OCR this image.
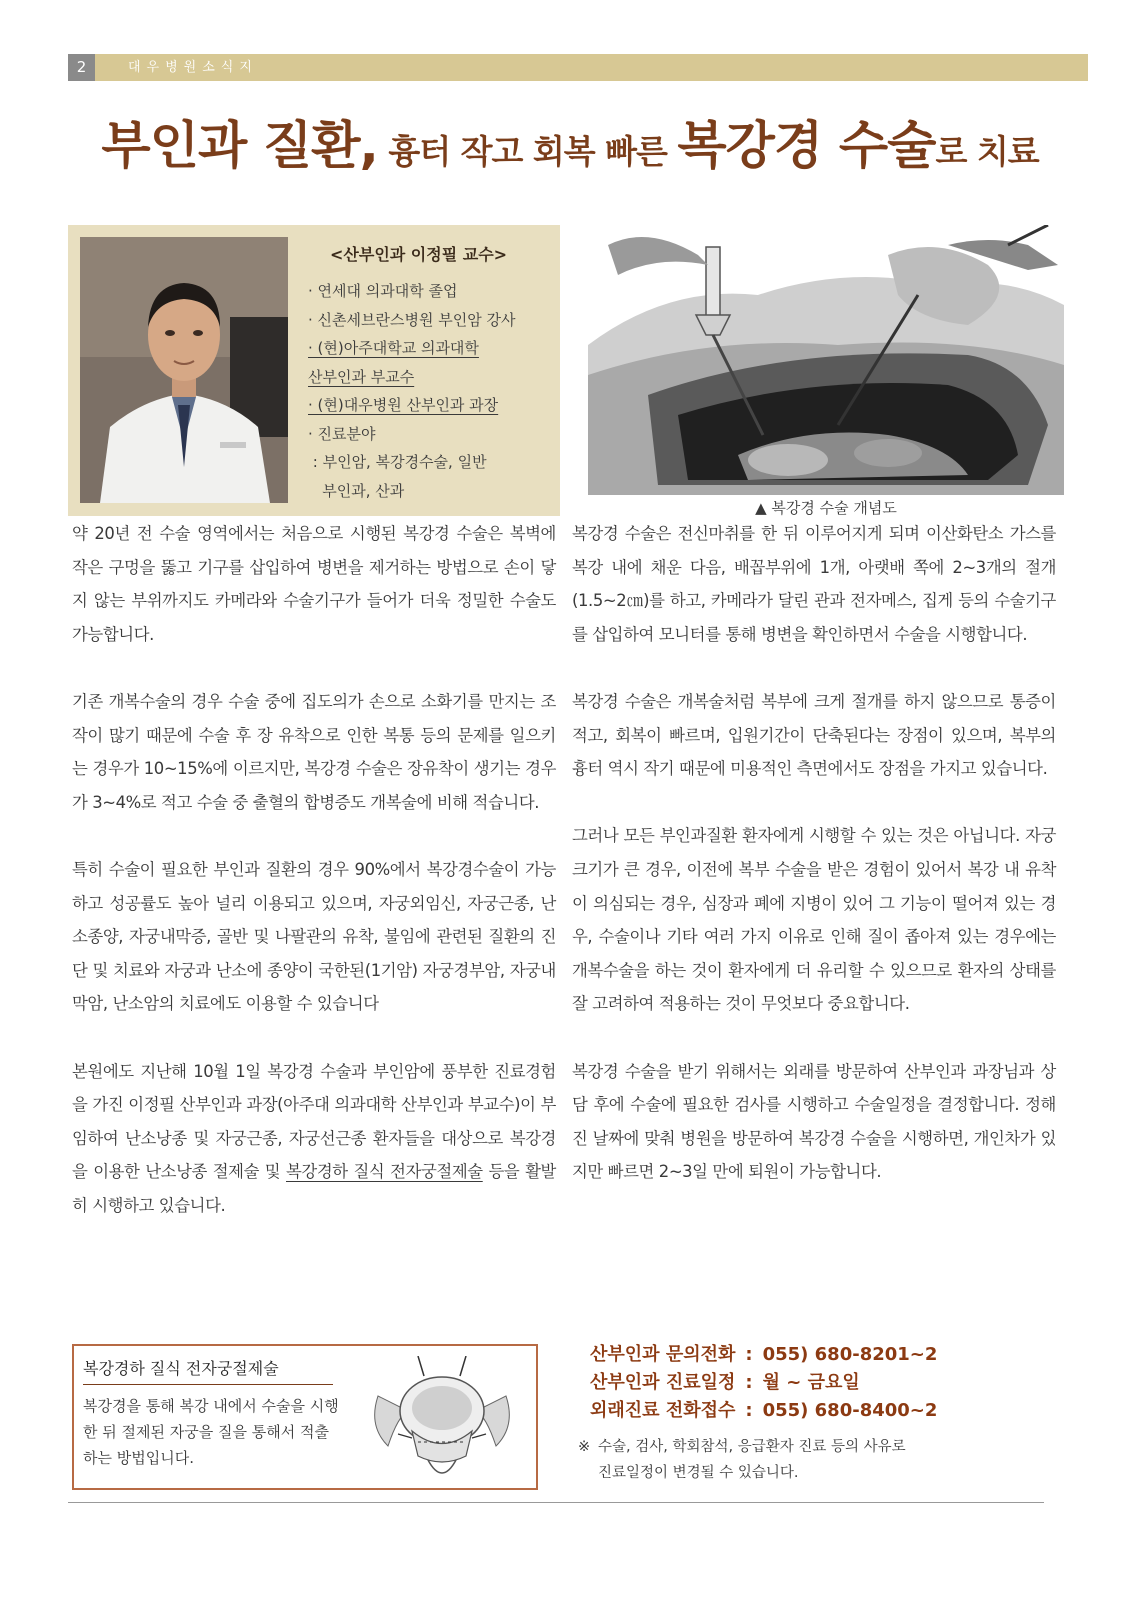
2	대우병원소식지
부인과 질환, 흉터 작고 회복 빠른 복강경 수술로 치료
<산부인과 이정필 교수>
· 연세대 의과대학 졸업
· 신촌세브란스병원 부인암 강사
· (현)아주대학교 의과대학
산부인과 부교수
· (현)대우병원 산부인과 과장
· 진료분야
: 부인암, 복강경수술, 일반
부인과, 산과
▲ 복강경 수술 개념도

약 20년 전 수술 영역에서는 처음으로 시행된 복강경 수술은 복벽에 작은 구멍을 뚫고 기구를 삽입하여 병변을 제거하는 방법으로 손이 닿지 않는 부위까지도 카메라와 수술기구가 들어가 더욱 정밀한 수술도 가능합니다.

기존 개복수술의 경우 수술 중에 집도의가 손으로 소화기를 만지는 조작이 많기 때문에 수술 후 장 유착으로 인한 복통 등의 문제를 일으키는 경우가 10~15%에 이르지만, 복강경 수술은 장유착이 생기는 경우가 3~4%로 적고 수술 중 출혈의 합병증도 개복술에 비해 적습니다.

특히 수술이 필요한 부인과 질환의 경우 90%에서 복강경수술이 가능하고 성공률도 높아 널리 이용되고 있으며, 자궁외임신, 자궁근종, 난소종양, 자궁내막증, 골반 및 나팔관의 유착, 불임에 관련된 질환의 진단 및 치료와 자궁과 난소에 종양이 국한된(1기암) 자궁경부암, 자궁내막암, 난소암의 치료에도 이용할 수 있습니다

본원에도 지난해 10월 1일 복강경 수술과 부인암에 풍부한 진료경험을 가진 이정필 산부인과 과장(아주대 의과대학 산부인과 부교수)이 부임하여 난소낭종 및 자궁근종, 자궁선근종 환자들을 대상으로 복강경을 이용한 난소낭종 절제술 및 복강경하 질식 전자궁절제술 등을 활발히 시행하고 있습니다.

복강경 수술은 전신마취를 한 뒤 이루어지게 되며 이산화탄소 가스를 복강 내에 채운 다음, 배꼽부위에 1개, 아랫배 쪽에 2~3개의 절개(1.5~2㎝)를 하고, 카메라가 달린 관과 전자메스, 집게 등의 수술기구를 삽입하여 모니터를 통해 병변을 확인하면서 수술을 시행합니다.

복강경 수술은 개복술처럼 복부에 크게 절개를 하지 않으므로 통증이 적고, 회복이 빠르며, 입원기간이 단축된다는 장점이 있으며, 복부의 흉터 역시 작기 때문에 미용적인 측면에서도 장점을 가지고 있습니다.

그러나 모든 부인과질환 환자에게 시행할 수 있는 것은 아닙니다. 자궁 크기가 큰 경우, 이전에 복부 수술을 받은 경험이 있어서 복강 내 유착이 의심되는 경우, 심장과 폐에 지병이 있어 그 기능이 떨어져 있는 경우, 수술이나 기타 여러 가지 이유로 인해 질이 좁아져 있는 경우에는 개복수술을 하는 것이 환자에게 더 유리할 수 있으므로 환자의 상태를 잘 고려하여 적용하는 것이 무엇보다 중요합니다.

복강경 수술을 받기 위해서는 외래를 방문하여 산부인과 과장님과 상담 후에 수술에 필요한 검사를 시행하고 수술일정을 결정합니다. 정해진 날짜에 맞춰 병원을 방문하여 복강경 수술을 시행하면, 개인차가 있지만 빠르면 2~3일 만에 퇴원이 가능합니다.

복강경하 질식 전자궁절제술
복강경을 통해 복강 내에서 수술을 시행한 뒤 절제된 자궁을 질을 통해서 적출하는 방법입니다.
산부인과 문의전화 : 055) 680-8201~2
산부인과 진료일정 : 월 ~ 금요일
외래진료 전화접수 : 055) 680-8400~2
※ 수술, 검사, 학회참석, 응급환자 진료 등의 사유로
진료일정이 변경될 수 있습니다.
